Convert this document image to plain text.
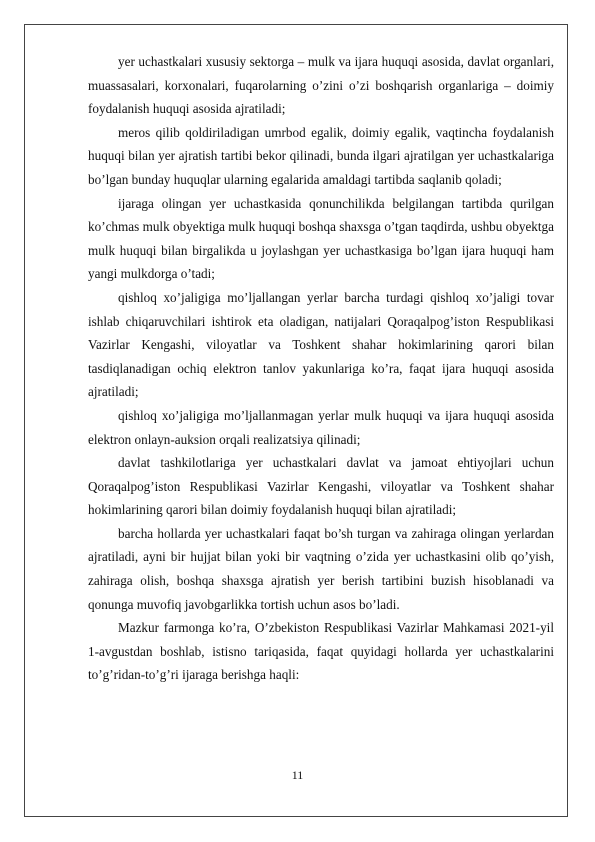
yer uchastkalari xususiy sektorga – mulk va ijara huquqi asosida, davlat organlari, muassasalari, korxonalari, fuqarolarning o’zini o’zi boshqarish organlariga – doimiy foydalanish huquqi asosida ajratiladi;

meros qilib qoldiriladigan umrbod egalik, doimiy egalik, vaqtincha foydalanish huquqi bilan yer ajratish tartibi bekor qilinadi, bunda ilgari ajratilgan yer uchastkalariga bo’lgan bunday huquqlar ularning egalarida amaldagi tartibda saqlanib qoladi;

ijaraga olingan yer uchastkasida qonunchilikda belgilangan tartibda qurilgan ko’chmas mulk obyektiga mulk huquqi boshqa shaxsga o’tgan taqdirda, ushbu obyektga mulk huquqi bilan birgalikda u joylashgan yer uchastkasiga bo’lgan ijara huquqi ham yangi mulkdorga o’tadi;

qishloq xo’jaligiga mo’ljallangan yerlar barcha turdagi qishloq xo’jaligi tovar ishlab chiqaruvchilari ishtirok eta oladigan, natijalari Qoraqalpog’iston Respublikasi Vazirlar Kengashi, viloyatlar va Toshkent shahar hokimlarining qarori bilan tasdiqlanadigan ochiq elektron tanlov yakunlariga ko’ra, faqat ijara huquqi asosida ajratiladi;

qishloq xo’jaligiga mo’ljallanmagan yerlar mulk huquqi va ijara huquqi asosida elektron onlayn-auksion orqali realizatsiya qilinadi;

davlat tashkilotlariga yer uchastkalari davlat va jamoat ehtiyojlari uchun Qoraqalpog’iston Respublikasi Vazirlar Kengashi, viloyatlar va Toshkent shahar hokimlarining qarori bilan doimiy foydalanish huquqi bilan ajratiladi;

barcha hollarda yer uchastkalari faqat bo’sh turgan va zahiraga olingan yerlardan ajratiladi, ayni bir hujjat bilan yoki bir vaqtning o’zida yer uchastkasini olib qo’yish, zahiraga olish, boshqa shaxsga ajratish yer berish tartibini buzish hisoblanadi va qonunga muvofiq javobgarlikka tortish uchun asos bo’ladi.

Mazkur farmonga ko’ra, O’zbekiston Respublikasi Vazirlar Mahkamasi 2021-yil 1-avgustdan boshlab, istisno tariqasida, faqat quyidagi hollarda yer uchastkalarini to’g’ridan-to’g’ri ijaraga berishga haqli:

11
